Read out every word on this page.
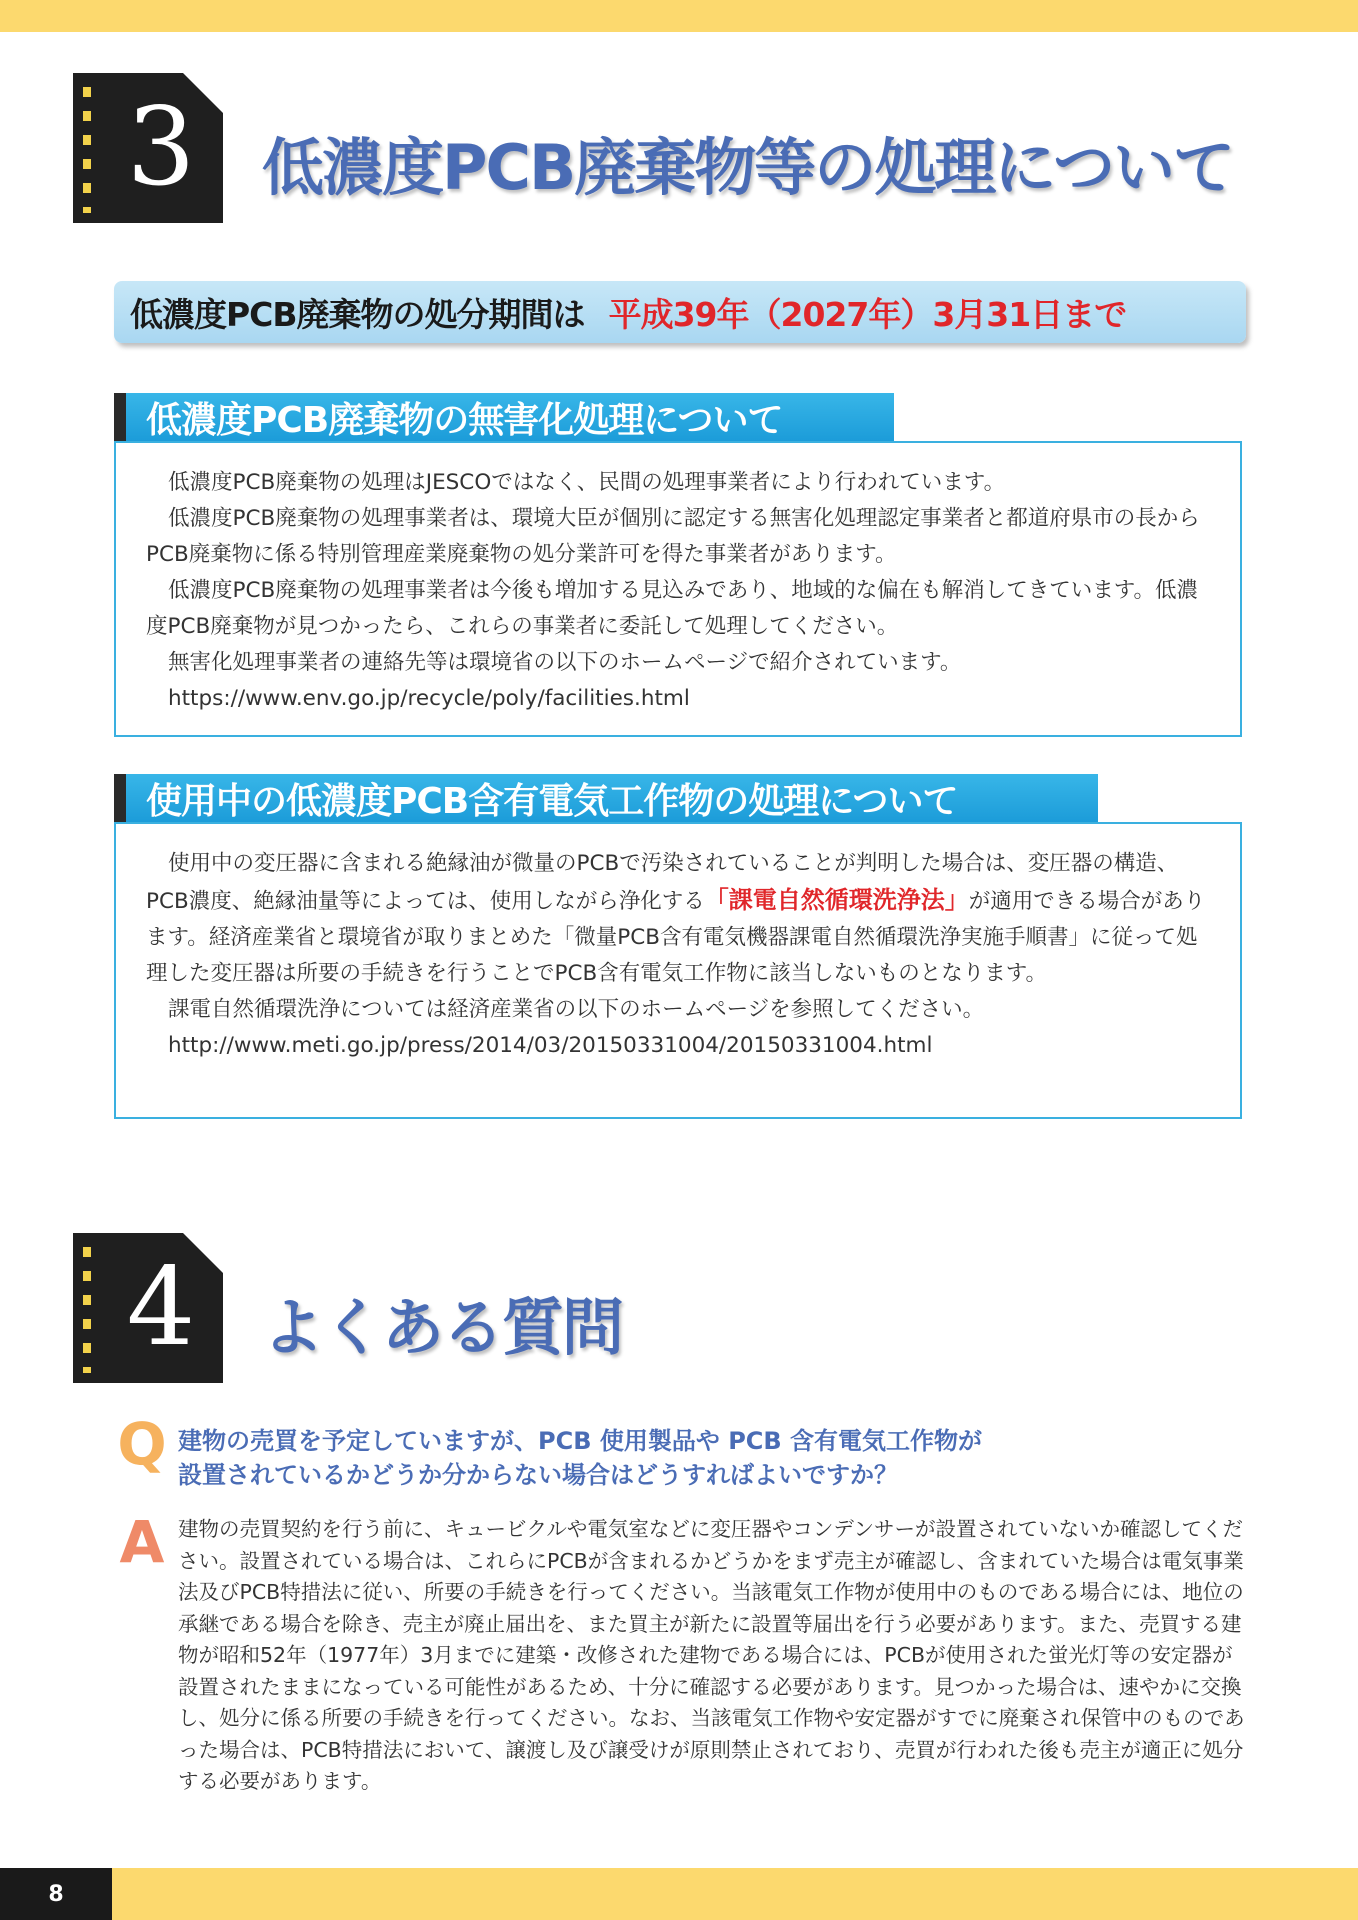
3 低濃度PCB廃棄物等の処理について
低濃度PCB廃棄物の処分期間は 平成39年（2027年）3月31日まで
低濃度PCB廃棄物の無害化処理について

低濃度PCB廃棄物の処理はJESCOではなく、民間の処理事業者により行われています。

低濃度PCB廃棄物の処理事業者は、環境大臣が個別に認定する無害化処理認定事業者と都道府県市の長からPCB廃棄物に係る特別管理産業廃棄物の処分業許可を得た事業者があります。

低濃度PCB廃棄物の処理事業者は今後も増加する見込みであり、地域的な偏在も解消してきています。低濃度PCB廃棄物が見つかったら、これらの事業者に委託して処理してください。

無害化処理事業者の連絡先等は環境省の以下のホームページで紹介されています。

https://www.env.go.jp/recycle/poly/facilities.html

使用中の低濃度PCB含有電気工作物の処理について

使用中の変圧器に含まれる絶縁油が微量のPCBで汚染されていることが判明した場合は、変圧器の構造、PCB濃度、絶縁油量等によっては、使用しながら浄化する「課電自然循環洗浄法」が適用できる場合があります。経済産業省と環境省が取りまとめた「微量PCB含有電気機器課電自然循環洗浄実施手順書」に従って処理した変圧器は所要の手続きを行うことでPCB含有電気工作物に該当しないものとなります。

課電自然循環洗浄については経済産業省の以下のホームページを参照してください。

http://www.meti.go.jp/press/2014/03/20150331004/20150331004.html

4 よくある質問
Q 建物の売買を予定していますが、PCB 使用製品や PCB 含有電気工作物が
設置されているかどうか分からない場合はどうすればよいですか？
A 建物の売買契約を行う前に、キュービクルや電気室などに変圧器やコンデンサーが設置されていないか確認してください。設置されている場合は、これらにPCBが含まれるかどうかをまず売主が確認し、含まれていた場合は電気事業法及びPCB特措法に従い、所要の手続きを行ってください。当該電気工作物が使用中のものである場合には、地位の承継である場合を除き、売主が廃止届出を、また買主が新たに設置等届出を行う必要があります。また、売買する建物が昭和52年（1977年）3月までに建築・改修された建物である場合には、PCBが使用された蛍光灯等の安定器が設置されたままになっている可能性があるため、十分に確認する必要があります。見つかった場合は、速やかに交換し、処分に係る所要の手続きを行ってください。なお、当該電気工作物や安定器がすでに廃棄され保管中のものであった場合は、PCB特措法において、譲渡し及び譲受けが原則禁止されており、売買が行われた後も売主が適正に処分する必要があります。
8
